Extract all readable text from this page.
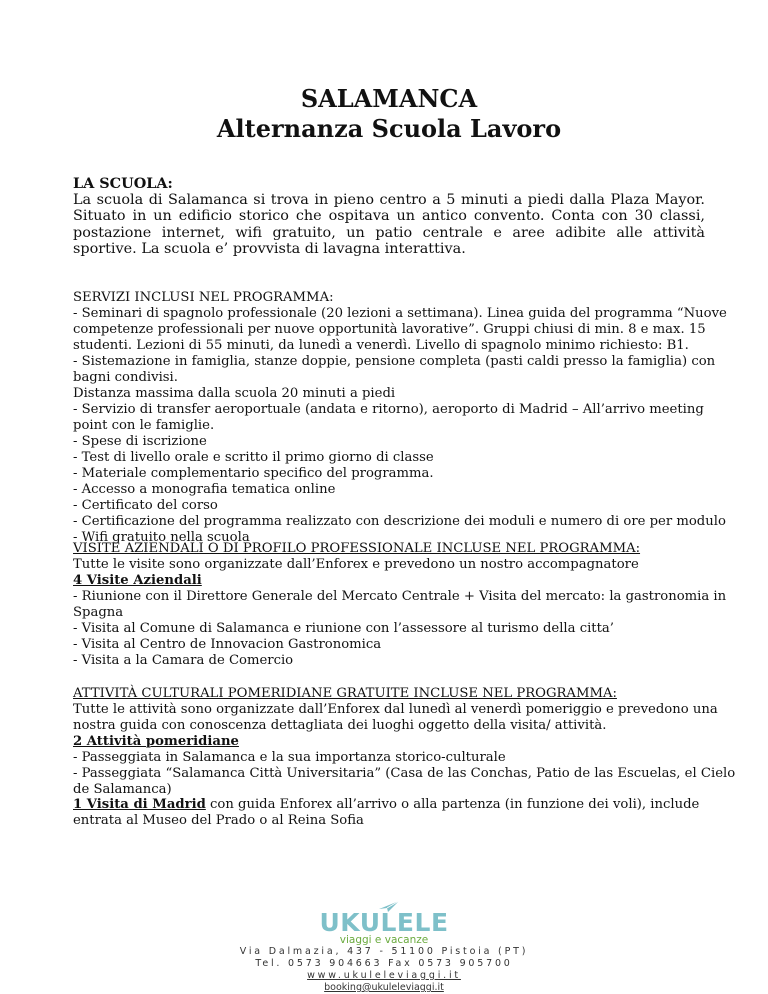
SALAMANCA
Alternanza Scuola Lavoro
LA SCUOLA:
La scuola di Salamanca si trova in pieno centro a 5 minuti a piedi dalla Plaza Mayor. Situato in un edificio storico che ospitava un antico convento. Conta con 30 classi, postazione internet, wifi gratuito, un patio centrale e aree adibite alle attività sportive. La scuola e’ provvista di lavagna interattiva.
SERVIZI INCLUSI NEL PROGRAMMA:
- Seminari di spagnolo professionale (20 lezioni a settimana). Linea guida del programma “Nuove
competenze professionali per nuove opportunità lavorative”. Gruppi chiusi di min. 8 e max. 15
studenti. Lezioni di 55 minuti, da lunedì a venerdì. Livello di spagnolo minimo richiesto: B1.
- Sistemazione in famiglia, stanze doppie, pensione completa (pasti caldi presso la famiglia) con
bagni condivisi.
Distanza massima dalla scuola 20 minuti a piedi
- Servizio di transfer aeroportuale (andata e ritorno), aeroporto di Madrid – All’arrivo meeting
point con le famiglie.
- Spese di iscrizione
- Test di livello orale e scritto il primo giorno di classe
- Materiale complementario specifico del programma.
- Accesso a monografia tematica online
- Certificato del corso
- Certificazione del programma realizzato con descrizione dei moduli e numero di ore per modulo
- Wifi gratuito nella scuola
VISITE AZIENDALI O DI PROFILO PROFESSIONALE INCLUSE NEL PROGRAMMA:
Tutte le visite sono organizzate dall’Enforex e prevedono un nostro accompagnatore
4 Visite Aziendali
- Riunione con il Direttore Generale del Mercato Centrale + Visita del mercato: la gastronomia in
Spagna
- Visita al Comune di Salamanca e riunione con l’assessore al turismo della citta’
- Visita al Centro de Innovacion Gastronomica
- Visita a la Camara de Comercio
ATTIVITÀ CULTURALI POMERIDIANE GRATUITE INCLUSE NEL PROGRAMMA:
Tutte le attività sono organizzate dall’Enforex dal lunedì al venerdì pomeriggio e prevedono una
nostra guida con conoscenza dettagliata dei luoghi oggetto della visita/ attività.
2 Attività pomeridiane
- Passeggiata in Salamanca e la sua importanza storico-culturale
- Passeggiata “Salamanca Città Universitaria” (Casa de las Conchas, Patio de las Escuelas, el Cielo
de Salamanca)
1 Visita di Madrid con guida Enforex all’arrivo o alla partenza (in funzione dei voli), include
entrata al Museo del Prado o al Reina Sofia
UKULELE
viaggi e vacanze
Via Dalmazia, 437 - 51100 Pistoia (PT)
Tel. 0573 904663 Fax 0573 905700
www.ukuleleviaggi.it
booking@ukuleleviaggi.it
